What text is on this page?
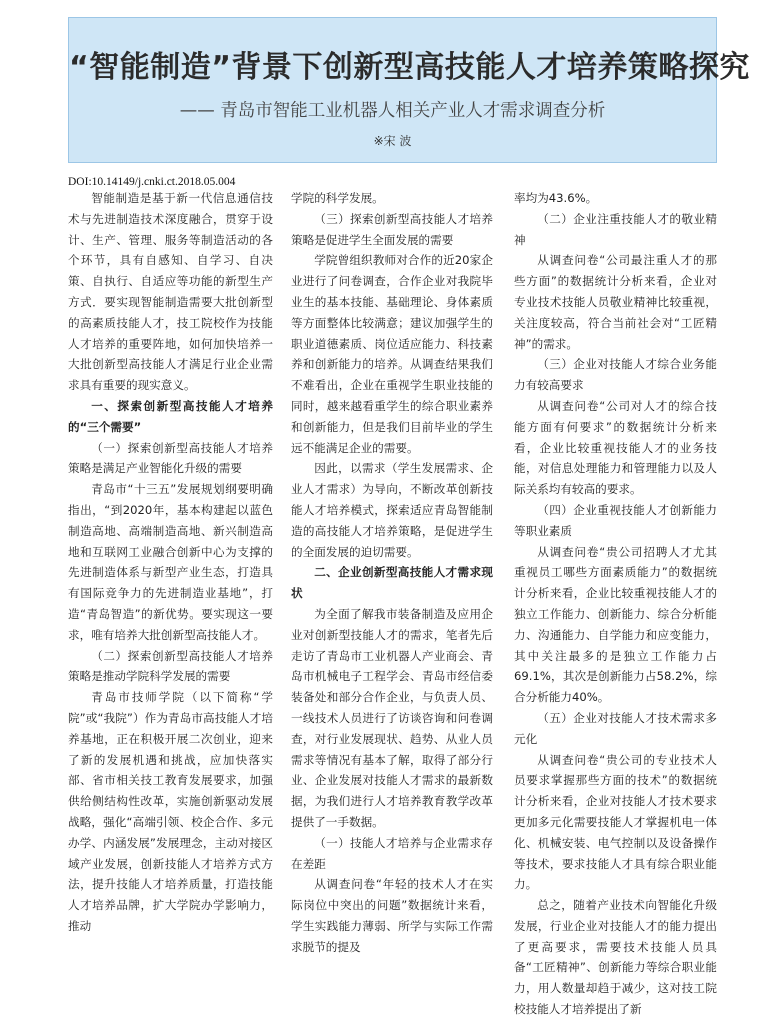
“智能制造”背景下创新型高技能人才培养策略探究
—— 青岛市智能工业机器人相关产业人才需求调查分析
※宋 波
DOI:10.14149/j.cnki.ct.2018.05.004

智能制造是基于新一代信息通信技术与先进制造技术深度融合，贯穿于设计、生产、管理、服务等制造活动的各个环节，具有自感知、自学习、自决策、自执行、自适应等功能的新型生产方式．要实现智能制造需要大批创新型的高素质技能人才，技工院校作为技能人才培养的重要阵地，如何加快培养一大批创新型高技能人才满足行业企业需求具有重要的现实意义。

一、探索创新型高技能人才培养的“三个需要”

（一）探索创新型高技能人才培养策略是满足产业智能化升级的需要

青岛市“十三五”发展规划纲要明确指出，“到2020年，基本构建起以蓝色制造高地、高端制造高地、新兴制造高地和互联网工业融合创新中心为支撑的先进制造体系与新型产业生态，打造具有国际竞争力的先进制造业基地”，打造“青岛智造”的新优势。要实现这一要求，唯有培养大批创新型高技能人才。

（二）探索创新型高技能人才培养策略是推动学院科学发展的需要

青岛市技师学院（以下简称“学院”或“我院”）作为青岛市高技能人才培养基地，正在积极开展二次创业，迎来了新的发展机遇和挑战，应加快落实部、省市相关技工教育发展要求，加强供给侧结构性改革，实施创新驱动发展战略，强化“高端引领、校企合作、多元办学、内涵发展”发展理念，主动对接区域产业发展，创新技能人才培养方式方法，提升技能人才培养质量，打造技能人才培养品牌，扩大学院办学影响力，推动

学院的科学发展。

（三）探索创新型高技能人才培养策略是促进学生全面发展的需要

学院曾组织教师对合作的近20家企业进行了问卷调查，合作企业对我院毕业生的基本技能、基础理论、身体素质等方面整体比较满意；建议加强学生的职业道德素质、岗位适应能力、科技素养和创新能力的培养。从调查结果我们不难看出，企业在重视学生职业技能的同时，越来越看重学生的综合职业素养和创新能力，但是我们目前毕业的学生远不能满足企业的需要。

因此，以需求（学生发展需求、企业人才需求）为导向，不断改革创新技能人才培养模式，探索适应青岛智能制造的高技能人才培养策略，是促进学生的全面发展的迫切需要。

二、企业创新型高技能人才需求现状

为全面了解我市装备制造及应用企业对创新型技能人才的需求，笔者先后走访了青岛市工业机器人产业商会、青岛市机械电子工程学会、青岛市经信委装备处和部分合作企业，与负责人员、一线技术人员进行了访谈咨询和问卷调查，对行业发展现状、趋势、从业人员需求等情况有基本了解，取得了部分行业、企业发展对技能人才需求的最新数据，为我们进行人才培养教育教学改革提供了一手数据。

（一）技能人才培养与企业需求存在差距

从调查问卷“年轻的技术人才在实际岗位中突出的问题”数据统计来看，学生实践能力薄弱、所学与实际工作需求脱节的提及

率均为43.6%。

（二）企业注重技能人才的敬业精神

从调查问卷“公司最注重人才的那些方面”的数据统计分析来看，企业对专业技术技能人员敬业精神比较重视，关注度较高，符合当前社会对“工匠精神”的需求。

（三）企业对技能人才综合业务能力有较高要求

从调查问卷“公司对人才的综合技能方面有何要求”的数据统计分析来看，企业比较重视技能人才的业务技能，对信息处理能力和管理能力以及人际关系均有较高的要求。

（四）企业重视技能人才创新能力等职业素质

从调查问卷“贵公司招聘人才尤其重视员工哪些方面素质能力”的数据统计分析来看，企业比较重视技能人才的独立工作能力、创新能力、综合分析能力、沟通能力、自学能力和应变能力，其中关注最多的是独立工作能力占69.1%，其次是创新能力占58.2%，综合分析能力40%。

（五）企业对技能人才技术需求多元化

从调查问卷“贵公司的专业技术人员要求掌握那些方面的技术”的数据统计分析来看，企业对技能人才技术要求更加多元化需要技能人才掌握机电一体化、机械安装、电气控制以及设备操作等技术，要求技能人才具有综合职业能力。

总之，随着产业技术向智能化升级发展，行业企业对技能人才的能力提出了更高要求，需要技术技能人员具备“工匠精神”、创新能力等综合职业能力，用人数量却趋于减少，这对技工院校技能人才培养提出了新
